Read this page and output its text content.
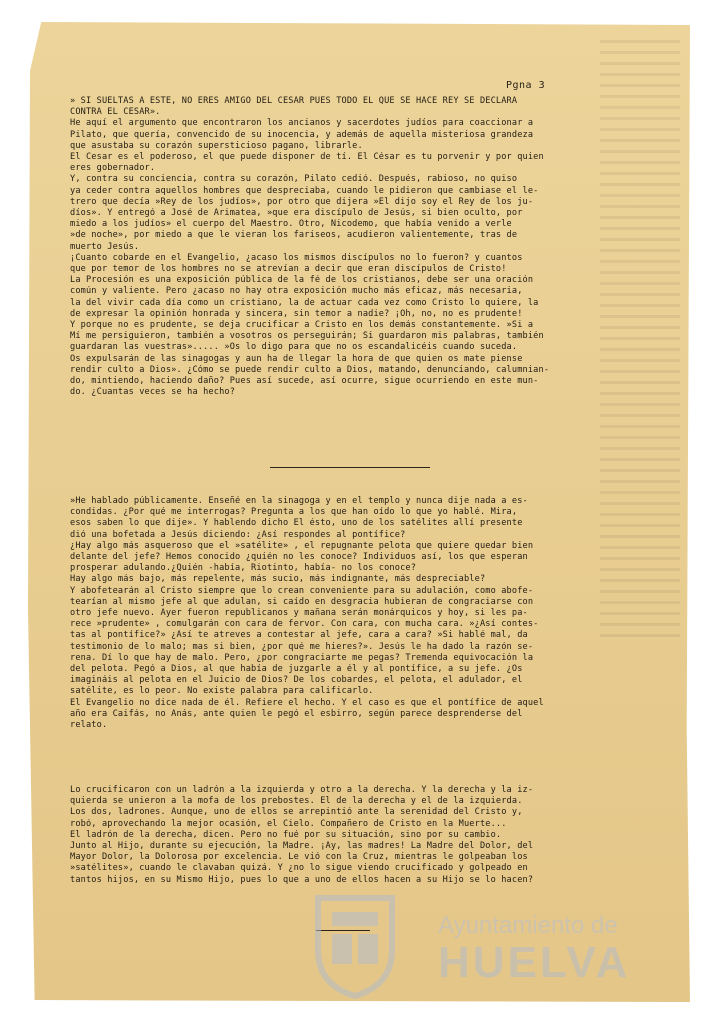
Pgna 3

» SI SUELTAS A ESTE, NO ERES AMIGO DEL CESAR PUES TODO EL QUE SE HACE REY SE DECLARA

CONTRA EL CESAR».

He aquí el argumento que encontraron los ancianos y sacerdotes judíos para coaccionar a

Pilato, que quería, convencido de su inocencia, y además de aquella misteriosa grandeza

que asustaba su corazón supersticioso pagano, librarle.

El Cesar es el poderoso, el que puede disponer de tí. El César es tu porvenir y por quien

eres gobernador.

Y, contra su conciencia, contra su corazón, Pilato cedió. Después, rabioso, no quiso

ya ceder contra aquellos hombres que despreciaba, cuando le pidieron que cambiase el le-

trero que decía »Rey de los judíos», por otro que dijera »El dijo soy el Rey de los ju-

díos». Y entregó a José de Arimatea, »que era discípulo de Jesús, si bien oculto, por

miedo a los judíos» el cuerpo del Maestro. Otro, Nicodemo, que había venido a verle

»de noche», por miedo a que le vieran los fariseos, acudieron valientemente, tras de

muerto Jesús.

¡Cuanto cobarde en el Evangelio, ¿acaso los mismos discípulos no lo fueron? y cuantos

que por temor de los hombres no se atrevían a decir que eran discípulos de Cristo!

La Procesión es una exposición pública de la fé de los cristianos, debe ser una oración

común y valiente. Pero ¿acaso no hay otra exposición mucho más eficaz, más necesaria,

la del vivir cada día como un cristiano, la de actuar cada vez como Cristo lo quiere, la

de expresar la opinión honrada y sincera, sin temor a nadie? ¡Oh, no, no es prudente!

Y porque no es prudente, se deja crucificar a Cristo en los demás constantemente. »Si a

Mí me persiguieron, también a vosotros os perseguirán; Si guardaron mis palabras, también

guardaran las vuestras»..... »Os lo digo para que no os escandalicéis cuando suceda.

Os expulsarán de las sinagogas y aun ha de llegar la hora de que quien os mate piense

rendir culto a Dios». ¿Cómo se puede rendir culto a Dios, matando, denunciando, calumnian-

do, mintiendo, haciendo daño? Pues así sucede, así ocurre, sigue ocurriendo en este mun-

do. ¿Cuantas veces se ha hecho?

»He hablado públicamente. Enseñé en la sinagoga y en el templo y nunca dije nada a es-

condidas. ¿Por qué me interrogas? Pregunta a los que han oído lo que yo hablé. Mira,

esos saben lo que dije». Y hablendo dicho El ésto, uno de los satélites allí presente

dió una bofetada a Jesús diciendo: ¿Así respondes al pontífice?

¿Hay algo más asqueroso que el »satélite» , el repugnante pelota que quiere quedar bien

delante del jefe? Hemos conocido ¿quién no les conoce? Individuos así, los que esperan

prosperar adulando.¿Quién -había, Riotinto, había- no los conoce?

Hay algo más bajo, más repelente, más sucio, más indignante, más despreciable?

Y abofetearán al Cristo siempre que lo crean conveniente para su adulación, como abofe-

tearían al mismo jefe al que adulan, si caído en desgracia hubieran de congraciarse con

otro jefe nuevo. Ayer fueron republicanos y mañana serán monárquicos y hoy, si les pa-

rece »prudente» , comulgarán con cara de fervor. Con cara, con mucha cara. »¿Así contes-

tas al pontífice?» ¿Así te atreves a contestar al jefe, cara a cara? »Si hablé mal, da

testimonio de lo malo; mas si bien, ¿por qué me hieres?». Jesús le ha dado la razón se-

rena. Dí lo que hay de malo. Pero, ¿por congraciarte me pegas? Tremenda equivocación la

del pelota. Pegó a Dios, al que había de juzgarle a él y al pontífice, a su jefe. ¿Os

imagináis al pelota en el Juicio de Dios? De los cobardes, el pelota, el adulador, el

satélite, es lo peor. No existe palabra para calificarlo.

El Evangelio no dice nada de él. Refiere el hecho. Y el caso es que el pontífice de aquel

año era Caifás, no Anás, ante quien le pegó el esbirro, según parece desprenderse del

relato.

Lo crucificaron con un ladrón a la izquierda y otro a la derecha. Y la derecha y la iz-

quierda se unieron a la mofa de los prebostes. El de la derecha y el de la izquierda.

Los dos, ladrones. Aunque, uno de ellos se arrepintió ante la serenidad del Cristo y,

robó, aprovechando la mejor ocasión, el Cielo. Compañero de Cristo en la Muerte...

El ladrón de la derecha, dicen. Pero no fué por su situación, sino por su cambio.

Junto al Hijo, durante su ejecución, la Madre. ¡Ay, las madres! La Madre del Dolor, del

Mayor Dolor, la Dolorosa por excelencia. Le vió con la Cruz, mientras le golpeaban los

»satélites», cuando le clavaban quizá. Y ¿no lo sigue viendo crucificado y golpeado en

tantos hijos, en su Mismo Hijo, pues lo que a uno de ellos hacen a su Hijo se lo hacen?

Ayuntamiento de
HUELVA
